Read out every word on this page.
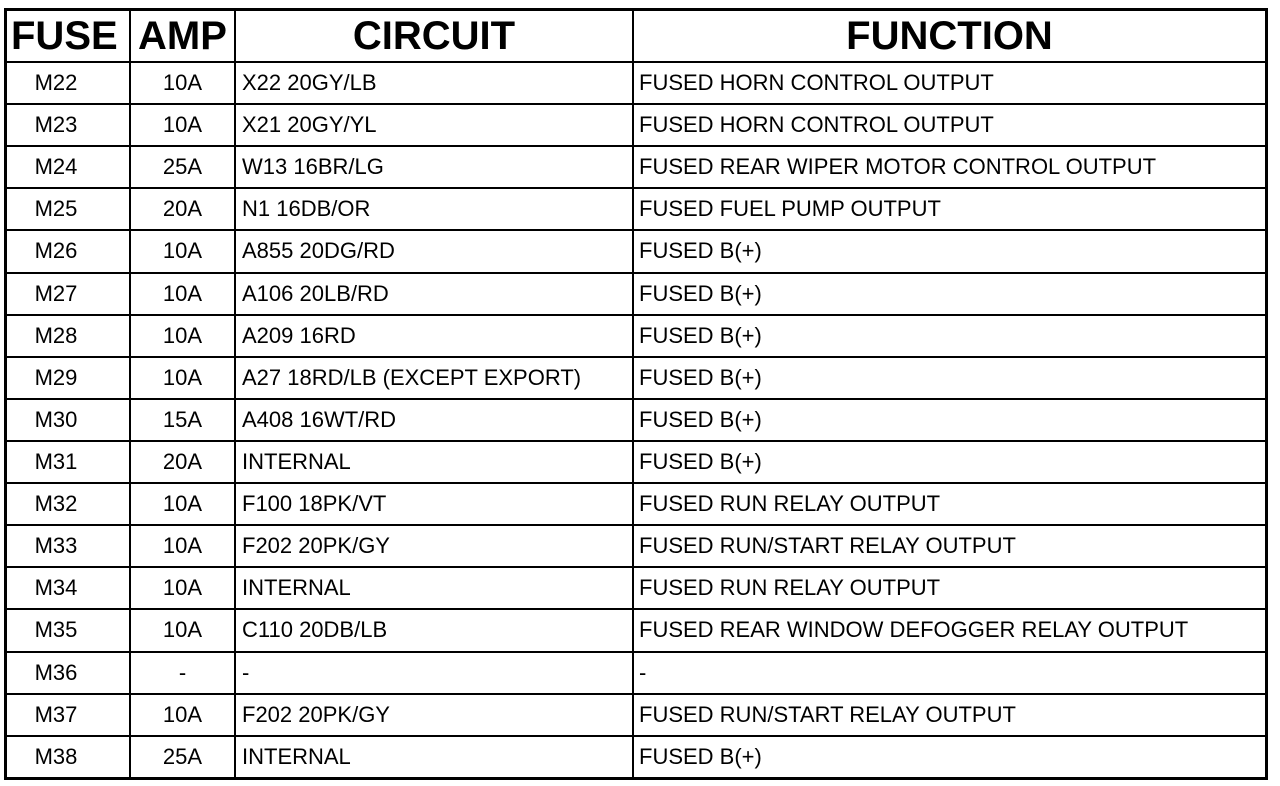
FUSE	AMP	CIRCUIT	FUNCTION
M22	10A	X22 20GY/LB	FUSED HORN CONTROL OUTPUT
M23	10A	X21 20GY/YL	FUSED HORN CONTROL OUTPUT
M24	25A	W13 16BR/LG	FUSED REAR WIPER MOTOR CONTROL OUTPUT
M25	20A	N1 16DB/OR	FUSED FUEL PUMP OUTPUT
M26	10A	A855 20DG/RD	FUSED B(+)
M27	10A	A106 20LB/RD	FUSED B(+)
M28	10A	A209 16RD	FUSED B(+)
M29	10A	A27 18RD/LB (EXCEPT EXPORT)	FUSED B(+)
M30	15A	A408 16WT/RD	FUSED B(+)
M31	20A	INTERNAL	FUSED B(+)
M32	10A	F100 18PK/VT	FUSED RUN RELAY OUTPUT
M33	10A	F202 20PK/GY	FUSED RUN/START RELAY OUTPUT
M34	10A	INTERNAL	FUSED RUN RELAY OUTPUT
M35	10A	C110 20DB/LB	FUSED REAR WINDOW DEFOGGER RELAY OUTPUT
M36	-	-	-
M37	10A	F202 20PK/GY	FUSED RUN/START RELAY OUTPUT
M38	25A	INTERNAL	FUSED B(+)
